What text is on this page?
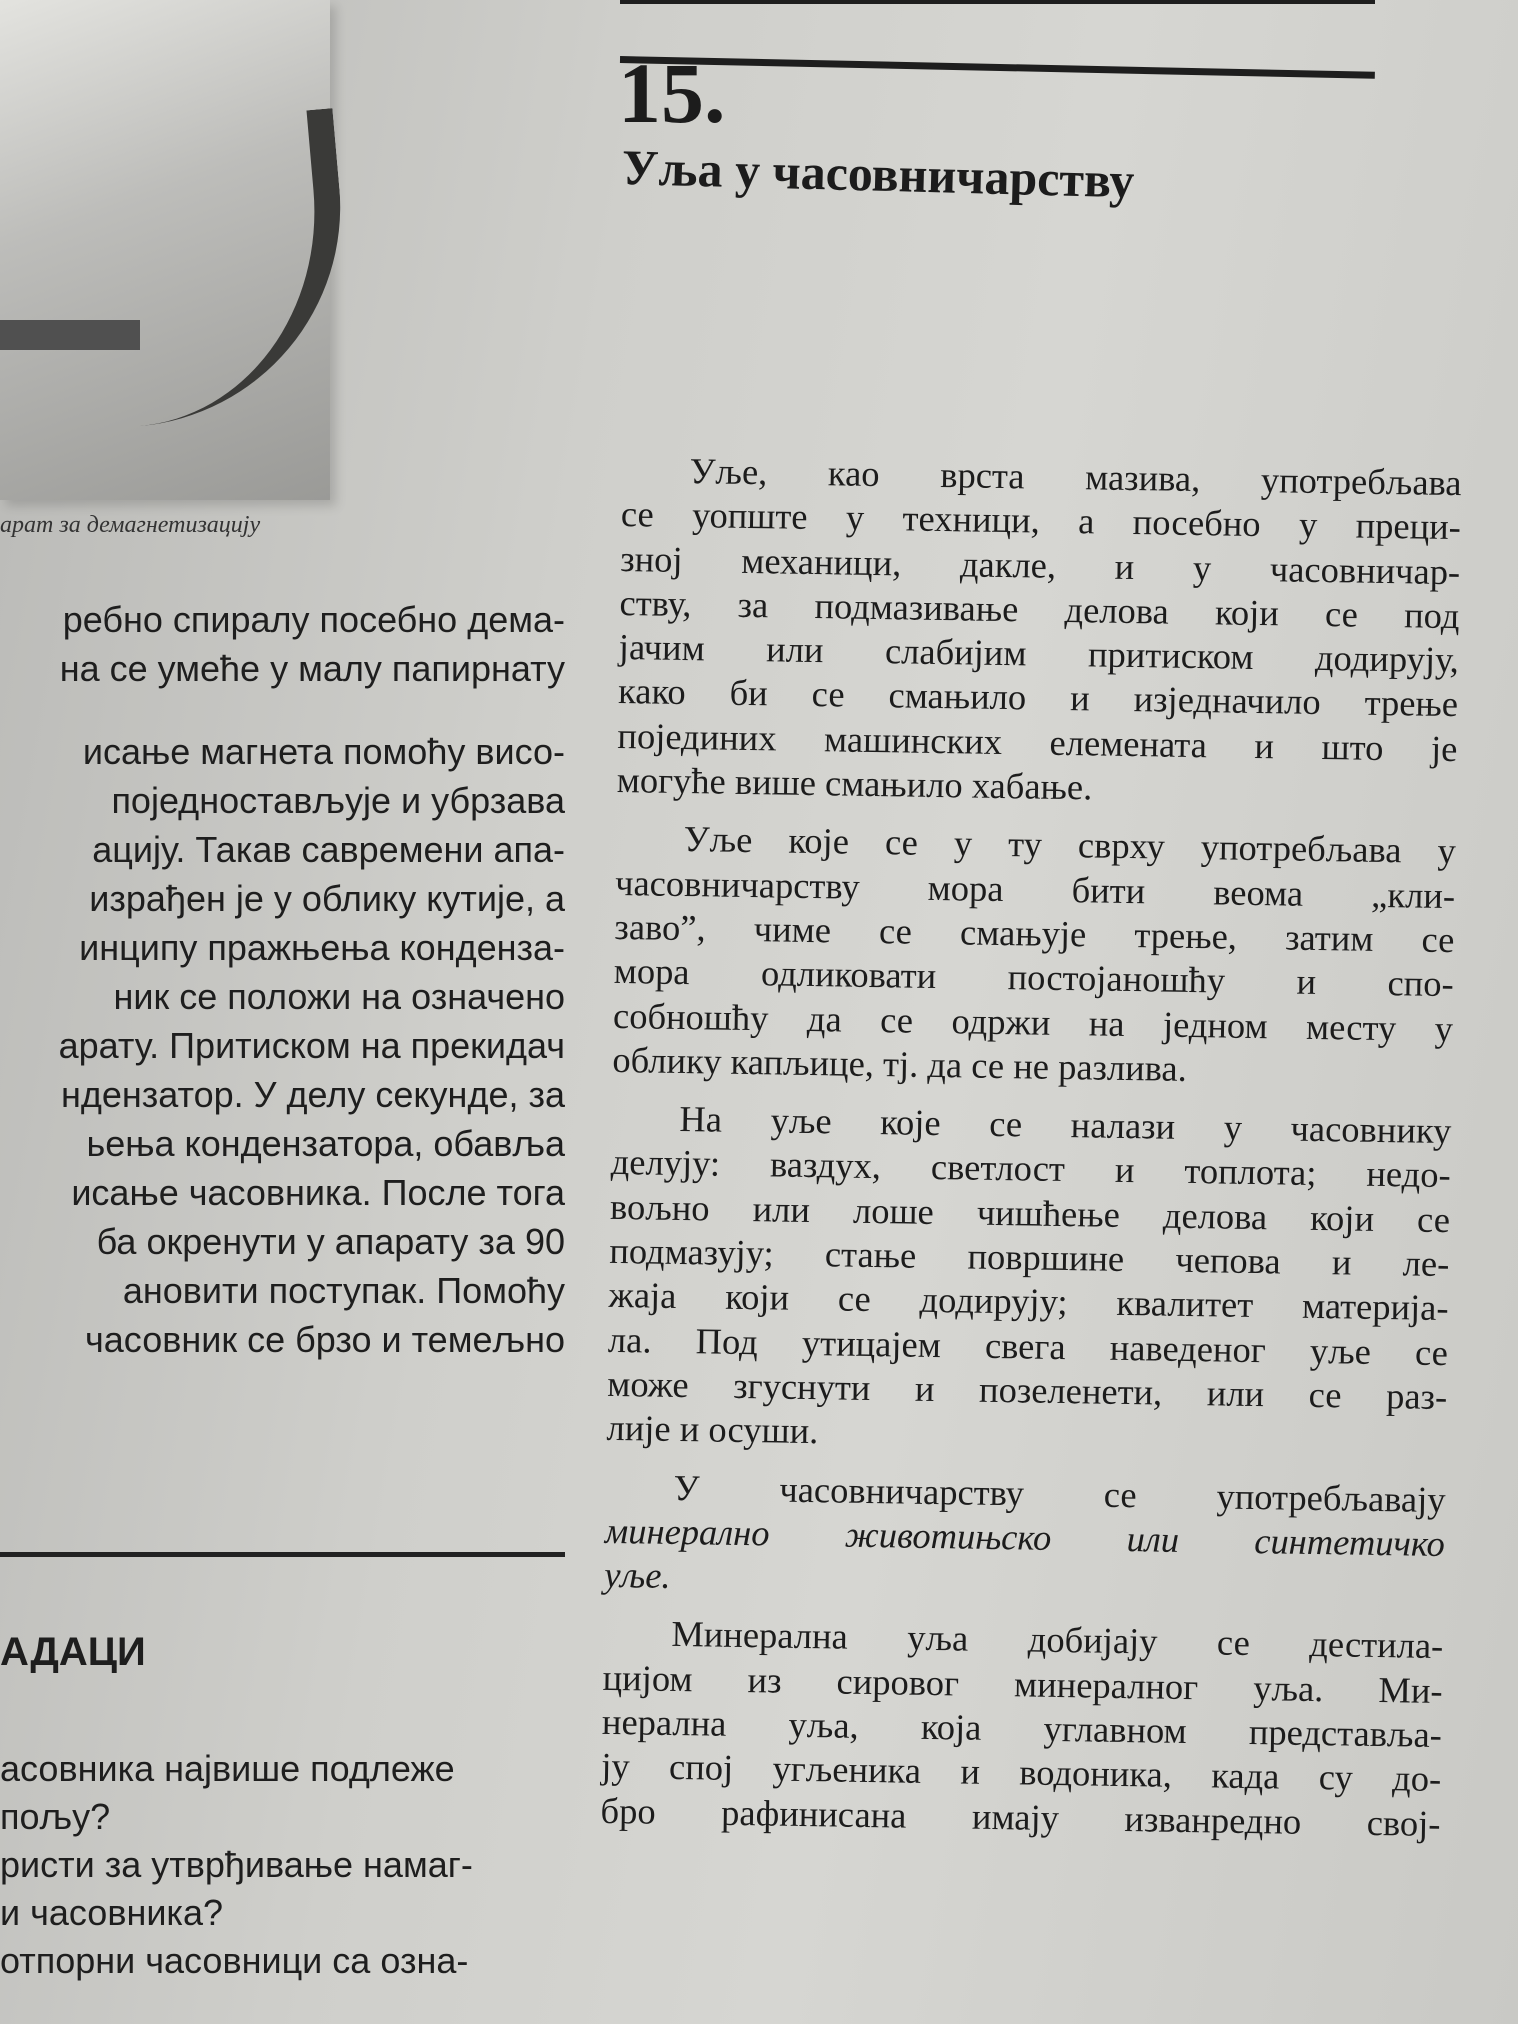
арат за демагнетизацију

ребно спиралу посебно дема-
на се умеће у малу папирнату

исање магнета помоћу висо-
поједностављује и убрзава
ацију. Такав савремени апа-
израђен је у облику кутије, а
инципу пражњења кондензa-
ник се положи на означено
арату. Притиском на прекидач
ндензатор. У делу секунде, за
ьења кондензатора, обавља
исање часовника. После тога
ба окренути у апарату за 90
ановити поступак. Помоћу
часовник се брзо и темељно

АДАЦИ
асовника највише подлеже
пољу?
ристи за утврђивање намаг-
и часовника?
отпорни часовници са озна-
15.
Уља у часовничарству

Уље, као врста мазива, употребљава
се уопште у техници, а посебно у преци-
зној механици, дакле, и у часовничар-
ству, за подмазивање делова који се под
јачим или слабијим притиском додирују,
како би се смањило и изједначило трење
појединих машинских елемената и што је
могуће више смањило хабање.

Уље које се у ту сврху употребљава у
часовничарству мора бити веома „кли-
заво”, чиме се смањује трење, затим се
мора одликовати постојаношћу и спо-
собношћу да се одржи на једном месту у
облику капљице, тј. да се не разлива.

На уље које се налази у часовнику
делују: ваздух, светлост и топлота; недо-
вољно или лоше чишћење делова који се
подмазују; стање површине чепова и ле-
жаја који се додирују; квалитет материја-
ла. Под утицајем свега наведеног уље се
може згуснути и позеленети, или се раз-
лије и осуши.

У часовничарству се употребљавају
минерално животињско или синтетичко
уље.

Минерална уља добијају се дестила-
цијом из сировог минералног уља. Ми-
нерална уља, која углавном представља-
ју спој угљеника и водоника, када су до-
бро рафинисана имају изванредно свој-
